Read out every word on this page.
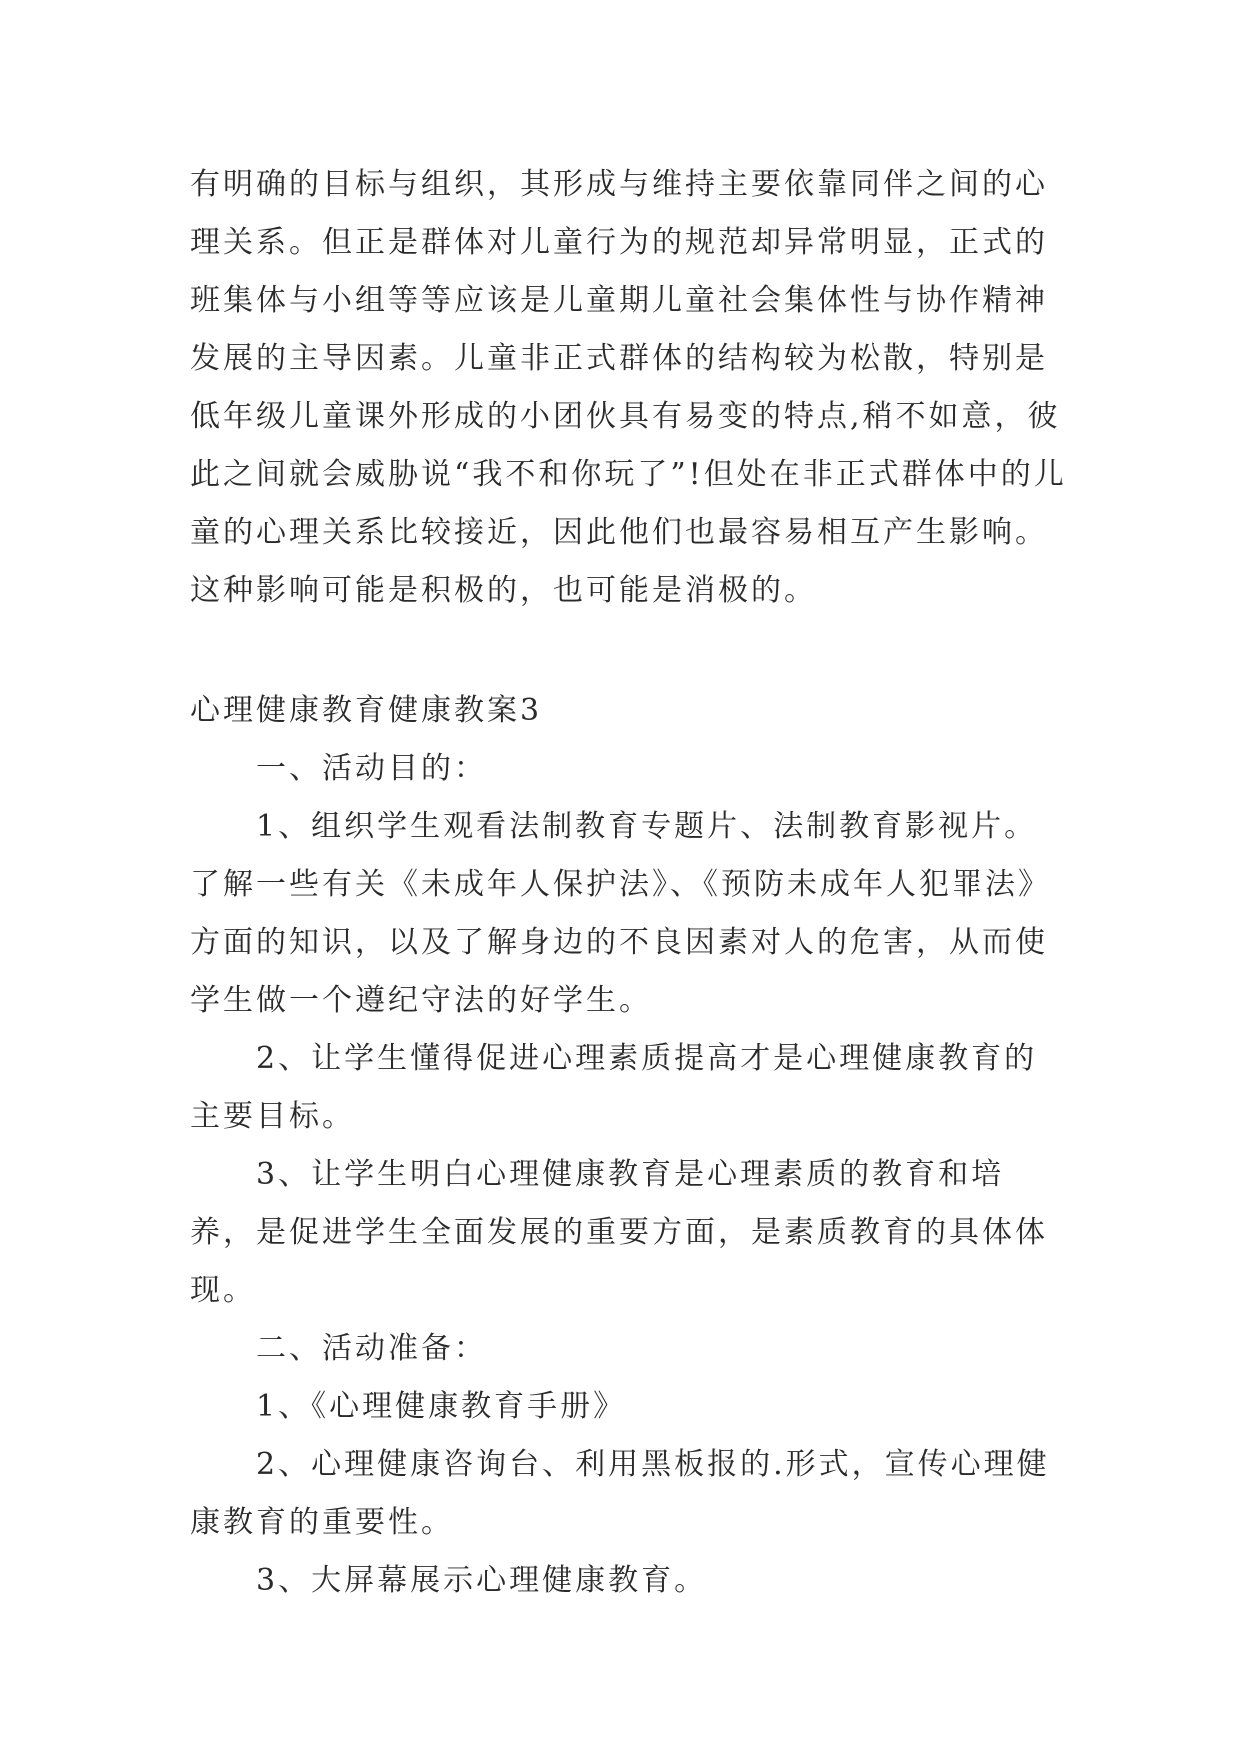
有明确的目标与组织，其形成与维持主要依靠同伴之间的心理关系。但正是群体对儿童行为的规范却异常明显，正式的班集体与小组等等应该是儿童期儿童社会集体性与协作精神发展的主导因素。儿童非正式群体的结构较为松散，特别是低年级儿童课外形成的小团伙具有易变的特点,稍不如意，彼此之间就会威胁说“我不和你玩了”!但处在非正式群体中的儿童的心理关系比较接近，因此他们也最容易相互产生影响。这种影响可能是积极的，也可能是消极的。

心理健康教育健康教案3

一、活动目的：

1、组织学生观看法制教育专题片、法制教育影视片。了解一些有关《未成年人保护法》、《预防未成年人犯罪法》方面的知识，以及了解身边的不良因素对人的危害，从而使学生做一个遵纪守法的好学生。

2、让学生懂得促进心理素质提高才是心理健康教育的主要目标。

3、让学生明白心理健康教育是心理素质的教育和培养，是促进学生全面发展的重要方面，是素质教育的具体体现。

二、活动准备：

1、《心理健康教育手册》

2、心理健康咨询台、利用黑板报的.形式，宣传心理健康教育的重要性。

3、大屏幕展示心理健康教育。
